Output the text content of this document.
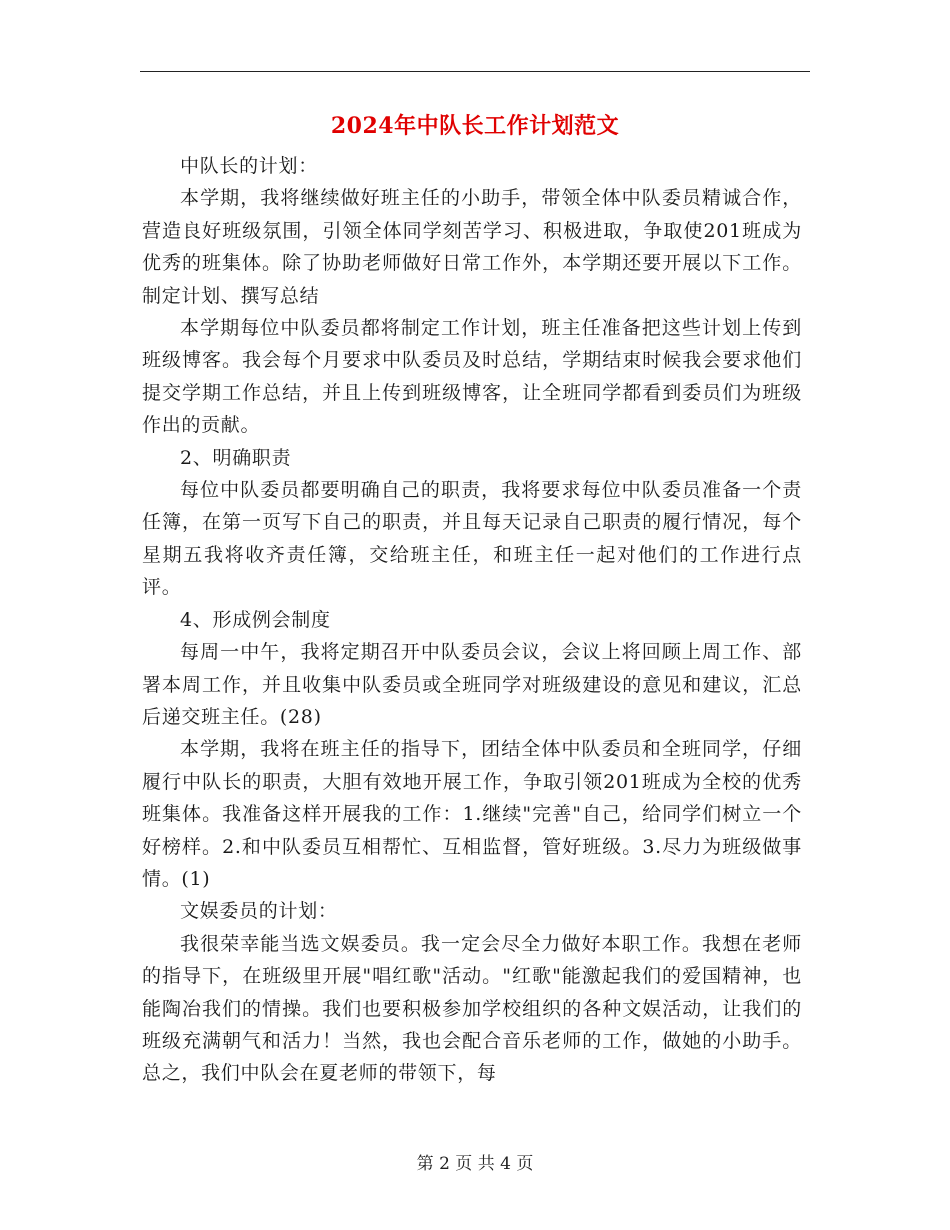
2024年中队长工作计划范文

中队长的计划：

本学期，我将继续做好班主任的小助手，带领全体中队委员精诚合作，营造良好班级氛围，引领全体同学刻苦学习、积极进取，争取使201班成为优秀的班集体。除了协助老师做好日常工作外，本学期还要开展以下工作。制定计划、撰写总结

本学期每位中队委员都将制定工作计划，班主任准备把这些计划上传到班级博客。我会每个月要求中队委员及时总结，学期结束时候我会要求他们提交学期工作总结，并且上传到班级博客，让全班同学都看到委员们为班级作出的贡献。

2、明确职责

每位中队委员都要明确自己的职责，我将要求每位中队委员准备一个责任簿，在第一页写下自己的职责，并且每天记录自己职责的履行情况，每个星期五我将收齐责任簿，交给班主任，和班主任一起对他们的工作进行点评。

4、形成例会制度

每周一中午，我将定期召开中队委员会议，会议上将回顾上周工作、部署本周工作，并且收集中队委员或全班同学对班级建设的意见和建议，汇总后递交班主任。(28)

本学期，我将在班主任的指导下，团结全体中队委员和全班同学，仔细履行中队长的职责，大胆有效地开展工作，争取引领201班成为全校的优秀班集体。我准备这样开展我的工作：1.继续"完善"自己，给同学们树立一个好榜样。2.和中队委员互相帮忙、互相监督，管好班级。3.尽力为班级做事情。(1)

文娱委员的计划：

我很荣幸能当选文娱委员。我一定会尽全力做好本职工作。我想在老师的指导下，在班级里开展"唱红歌"活动。"红歌"能激起我们的爱国精神，也能陶冶我们的情操。我们也要积极参加学校组织的各种文娱活动，让我们的班级充满朝气和活力！当然，我也会配合音乐老师的工作，做她的小助手。总之，我们中队会在夏老师的带领下，每

第 2 页 共 4 页
